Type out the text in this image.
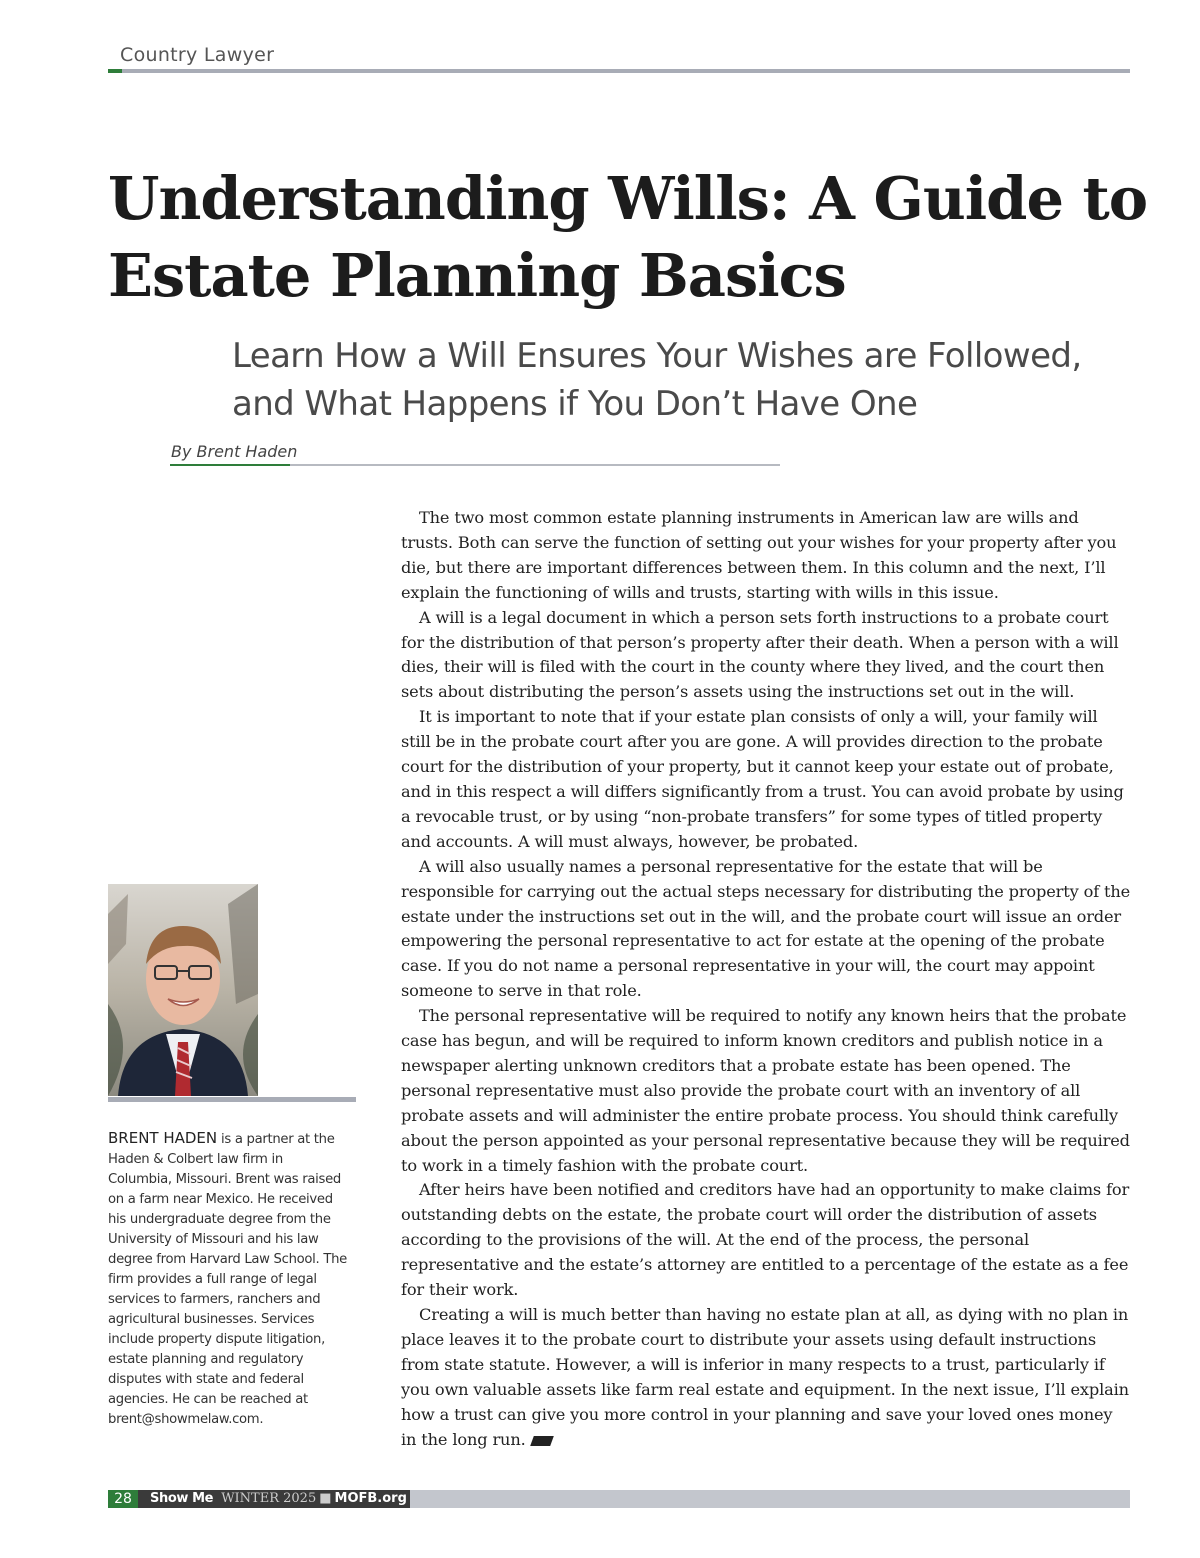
Country Lawyer
Understanding Wills: A Guide to Estate Planning Basics
Learn How a Will Ensures Your Wishes are Followed, and What Happens if You Don’t Have One
By Brent Haden

The two most common estate planning instruments in American law are wills and trusts. Both can serve the function of setting out your wishes for your property after you die, but there are important differences between them. In this column and the next, I’ll explain the functioning of wills and trusts, starting with wills in this issue.

A will is a legal document in which a person sets forth instructions to a probate court for the distribution of that person’s property after their death. When a person with a will dies, their will is filed with the court in the county where they lived, and the court then sets about distributing the person’s assets using the instructions set out in the will.

It is important to note that if your estate plan consists of only a will, your family will still be in the probate court after you are gone. A will provides direction to the probate court for the distribution of your property, but it cannot keep your estate out of probate, and in this respect a will differs significantly from a trust. You can avoid probate by using a revocable trust, or by using “non-probate transfers” for some types of titled property and accounts. A will must always, however, be probated.

A will also usually names a personal representative for the estate that will be responsible for carrying out the actual steps necessary for distributing the property of the estate under the instructions set out in the will, and the probate court will issue an order empowering the personal representative to act for estate at the opening of the probate case. If you do not name a personal representative in your will, the court may appoint someone to serve in that role.

The personal representative will be required to notify any known heirs that the probate case has begun, and will be required to inform known creditors and publish notice in a newspaper alerting unknown creditors that a probate estate has been opened. The personal representative must also provide the probate court with an inventory of all probate assets and will administer the entire probate process. You should think carefully about the person appointed as your personal representative because they will be required to work in a timely fashion with the probate court.

After heirs have been notified and creditors have had an opportunity to make claims for outstanding debts on the estate, the probate court will order the distribution of assets according to the provisions of the will. At the end of the process, the personal representative and the estate’s attorney are entitled to a percentage of the estate as a fee for their work.

Creating a will is much better than having no estate plan at all, as dying with no plan in place leaves it to the probate court to distribute your assets using default instructions from state statute. However, a will is inferior in many respects to a trust, particularly if you own valuable assets like farm real estate and equipment. In the next issue, I’ll explain how a trust can give you more control in your planning and save your loved ones money in the long run.

BRENT HADEN is a partner at the Haden & Colbert law firm in Columbia, Missouri. Brent was raised on a farm near Mexico. He received his undergraduate degree from the University of Missouri and his law degree from Harvard Law School. The firm provides a full range of legal services to farmers, ranchers and agricultural businesses. Services include property dispute litigation, estate planning and regulatory disputes with state and federal agencies. He can be reached at brent@showmelaw.com.
28	Show Me WINTER 2025 ■ MOFB.org
